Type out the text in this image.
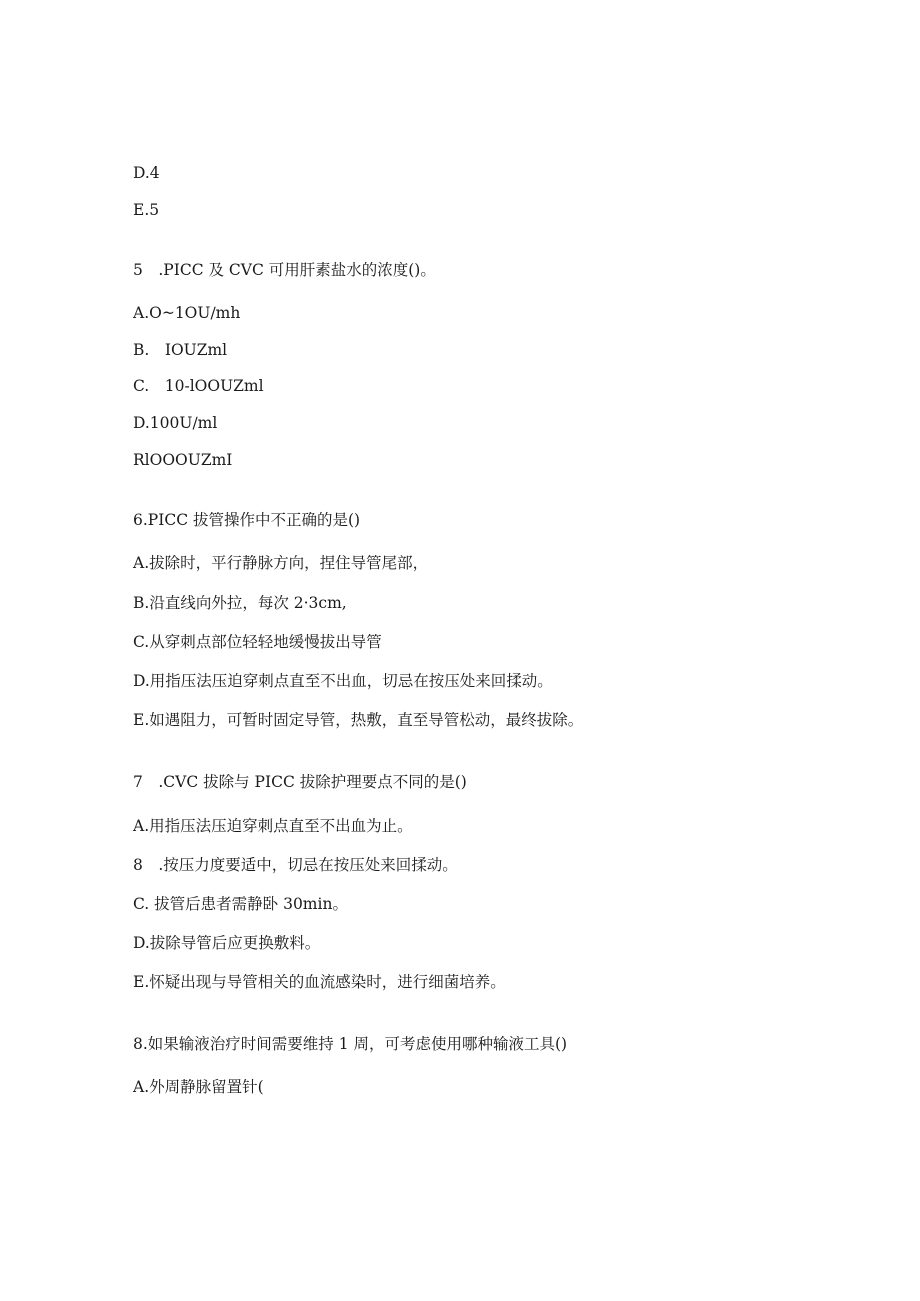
D.4
E.5
5　.PICC 及 CVC 可用肝素盐水的浓度()。
A.O~1OU∕mh
B.　IOUZml
C.　10-lOOUZml
D.100U∕ml
RlOOOUZmI
6.PICC 拔管操作中不正确的是()
A.拔除时，平行静脉方向，捏住导管尾部，
B.沿直线向外拉，每次 2·3cm,
C.从穿刺点部位轻轻地缓慢拔出导管
D.用指压法压迫穿刺点直至不出血，切忌在按压处来回揉动。
E.如遇阻力，可暂时固定导管，热敷，直至导管松动，最终拔除。
7　.CVC 拔除与 PICC 拔除护理要点不同的是()
A.用指压法压迫穿刺点直至不出血为止。
8　.按压力度要适中，切忌在按压处来回揉动。
C. 拔管后患者需静卧 30min。
D.拔除导管后应更换敷料。
E.怀疑出现与导管相关的血流感染时，进行细菌培养。
8.如果输液治疗时间需要维持 1 周，可考虑使用哪种输液工具()
A.外周静脉留置针(
